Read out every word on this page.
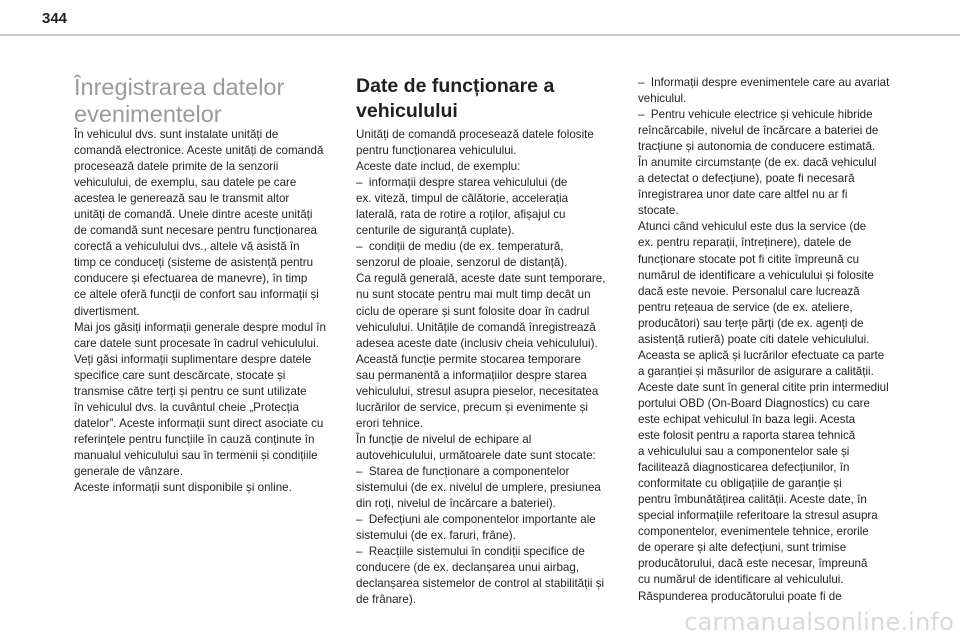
344
Înregistrarea datelor evenimentelor

În vehiculul dvs. sunt instalate unități de
comandă electronice. Aceste unități de comandă
procesează datele primite de la senzorii
vehiculului, de exemplu, sau datele pe care
acestea le generează sau le transmit altor
unități de comandă. Unele dintre aceste unități
de comandă sunt necesare pentru funcționarea
corectă a vehiculului dvs., altele vă asistă în
timp ce conduceți (sisteme de asistență pentru
conducere și efectuarea de manevre), în timp
ce altele oferă funcții de confort sau informații și
divertisment.
Mai jos găsiți informații generale despre modul în
care datele sunt procesate în cadrul vehiculului.
Veți găsi informații suplimentare despre datele
specifice care sunt descărcate, stocate și
transmise către terți și pentru ce sunt utilizate
în vehiculul dvs. la cuvântul cheie „Protecția
datelor”. Aceste informații sunt direct asociate cu
referințele pentru funcțiile în cauză conținute în
manualul vehiculului sau în termenii și condițiile
generale de vânzare.
Aceste informații sunt disponibile și online.

Date de funcționare a vehiculului

Unități de comandă procesează datele folosite
pentru funcționarea vehiculului.
Aceste date includ, de exemplu:
–  informații despre starea vehiculului (de
ex. viteză, timpul de călătorie, accelerația
laterală, rata de rotire a roților, afișajul cu
centurile de siguranță cuplate).
–  condiții de mediu (de ex. temperatură,
senzorul de ploaie, senzorul de distanță).
Ca regulă generală, aceste date sunt temporare,
nu sunt stocate pentru mai mult timp decât un
ciclu de operare și sunt folosite doar în cadrul
vehiculului. Unitățile de comandă înregistrează
adesea aceste date (inclusiv cheia vehiculului).
Această funcție permite stocarea temporare
sau permanentă a informațiilor despre starea
vehiculului, stresul asupra pieselor, necesitatea
lucrărilor de service, precum și evenimente și
erori tehnice.
În funcție de nivelul de echipare al
autovehiculului, următoarele date sunt stocate:
–  Starea de funcționare a componentelor
sistemului (de ex. nivelul de umplere, presiunea
din roți, nivelul de încărcare a bateriei).
–  Defecțiuni ale componentelor importante ale
sistemului (de ex. faruri, frâne).
–  Reacțiile sistemului în condiții specifice de
conducere (de ex. declanșarea unui airbag,
declanșarea sistemelor de control al stabilității și
de frânare).

–  Informații despre evenimentele care au avariat
vehiculul.
–  Pentru vehicule electrice și vehicule hibride
reîncărcabile, nivelul de încărcare a bateriei de
tracțiune și autonomia de conducere estimată.
În anumite circumstanțe (de ex. dacă vehiculul
a detectat o defecțiune), poate fi necesară
înregistrarea unor date care altfel nu ar fi
stocate.
Atunci când vehiculul este dus la service (de
ex. pentru reparații, întreținere), datele de
funcționare stocate pot fi citite împreună cu
numărul de identificare a vehiculului și folosite
dacă este nevoie. Personalul care lucrează
pentru rețeaua de service (de ex. ateliere,
producători) sau terțe părți (de ex. agenți de
asistență rutieră) poate citi datele vehiculului.
Aceasta se aplică și lucrărilor efectuate ca parte
a garanției și măsurilor de asigurare a calității.
Aceste date sunt în general citite prin intermediul
portului OBD (On-Board Diagnostics) cu care
este echipat vehiculul în baza legii. Acesta
este folosit pentru a raporta starea tehnică
a vehiculului sau a componentelor sale și
facilitează diagnosticarea defecțiunilor, în
conformitate cu obligațiile de garanție și
pentru îmbunătățirea calității. Aceste date, în
special informațiile referitoare la stresul asupra
componentelor, evenimentele tehnice, erorile
de operare și alte defecțiuni, sunt trimise
producătorului, dacă este necesar, împreună
cu numărul de identificare al vehiculului.
Răspunderea producătorului poate fi de

carmanualsonline.info
